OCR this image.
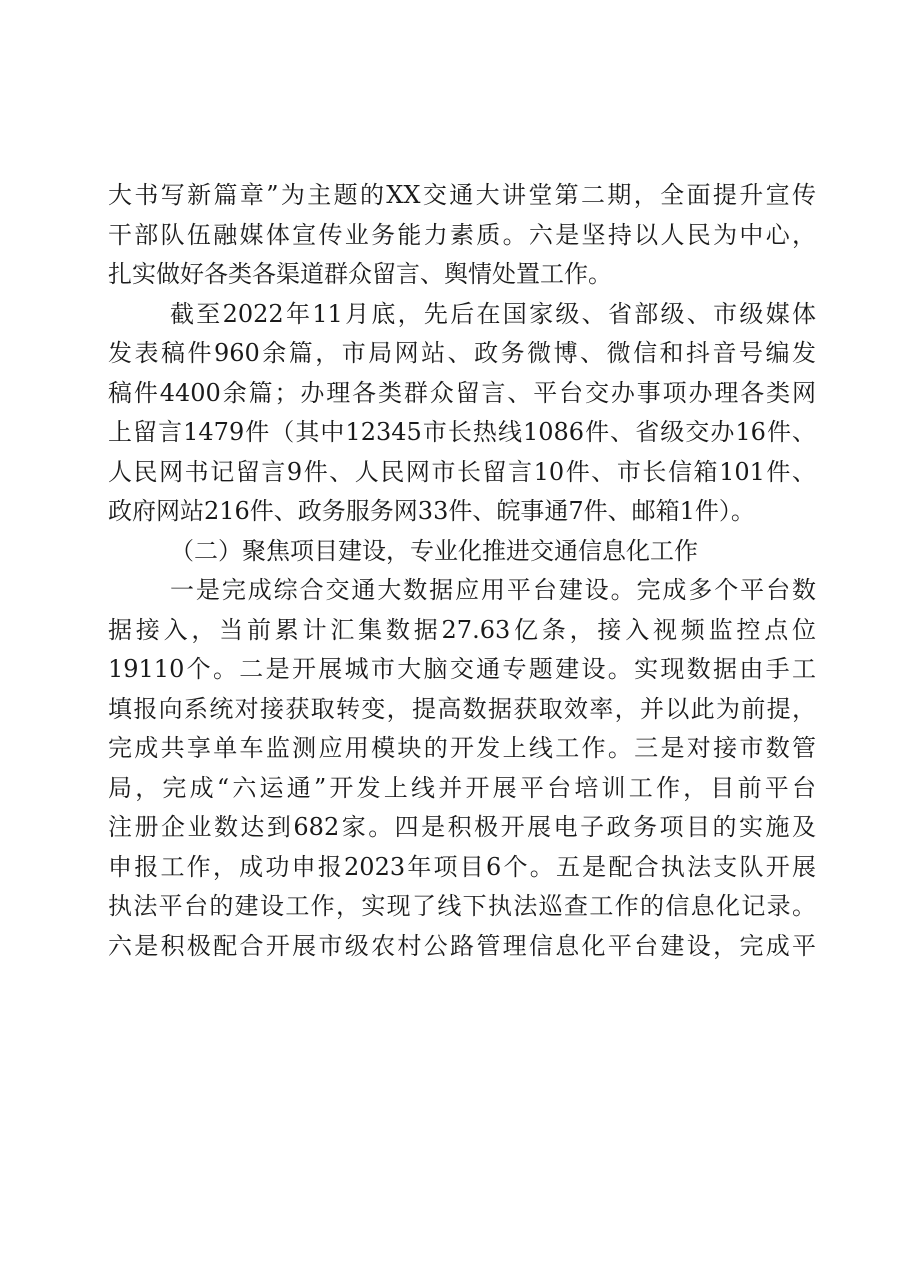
大书写新篇章”为主题的XX交通大讲堂第二期，全面提升宣传
干部队伍融媒体宣传业务能力素质。六是坚持以人民为中心，
扎实做好各类各渠道群众留言、舆情处置工作。
截至2022年11月底，先后在国家级、省部级、市级媒体
发表稿件960余篇，市局网站、政务微博、微信和抖音号编发
稿件4400余篇；办理各类群众留言、平台交办事项办理各类网
上留言1479件（其中12345市长热线1086件、省级交办16件、
人民网书记留言9件、人民网市长留言10件、市长信箱101件、
政府网站216件、政务服务网33件、皖事通7件、邮箱1件）。
（二）聚焦项目建设，专业化推进交通信息化工作
一是完成综合交通大数据应用平台建设。完成多个平台数
据接入，当前累计汇集数据27.63亿条，接入视频监控点位
19110个。二是开展城市大脑交通专题建设。实现数据由手工
填报向系统对接获取转变，提高数据获取效率，并以此为前提，
完成共享单车监测应用模块的开发上线工作。三是对接市数管
局，完成“六运通”开发上线并开展平台培训工作，目前平台
注册企业数达到682家。四是积极开展电子政务项目的实施及
申报工作，成功申报2023年项目6个。五是配合执法支队开展
执法平台的建设工作，实现了线下执法巡查工作的信息化记录。
六是积极配合开展市级农村公路管理信息化平台建设，完成平
